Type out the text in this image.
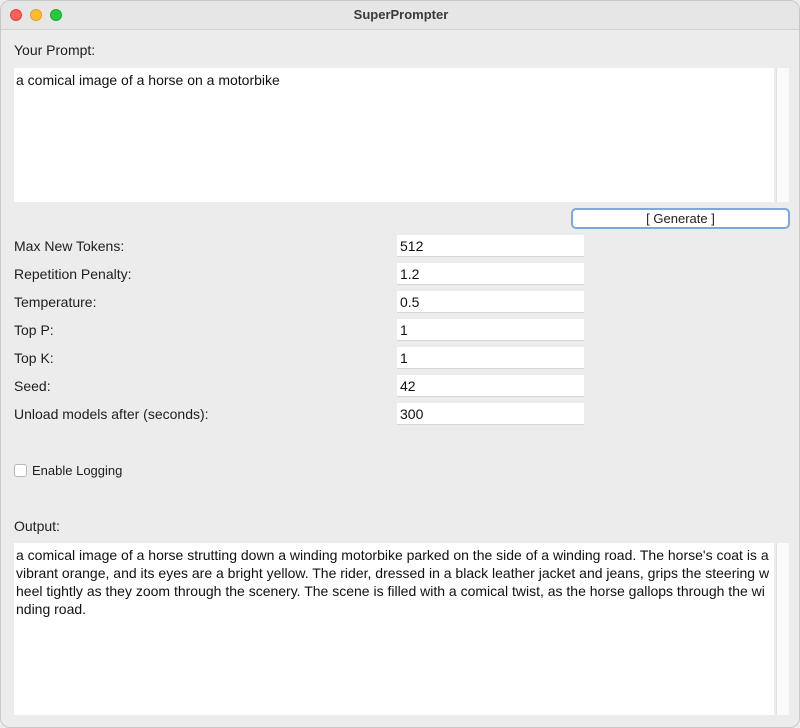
SuperPrompter
Your Prompt:
a comical image of a horse on a motorbike
[ Generate ]
Max New Tokens:	512
Repetition Penalty:	1.2
Temperature:	0.5
Top P:	1
Top K:	1
Seed:	42
Unload models after (seconds):	300
Enable Logging
Output:
a comical image of a horse strutting down a winding motorbike parked on the side of a winding road. The horse's coat is a vibrant orange, and its eyes are a bright yellow. The rider, dressed in a black leather jacket and jeans, grips the steering wheel tightly as they zoom through the scenery. The scene is filled with a comical twist, as the horse gallops through the winding road.
